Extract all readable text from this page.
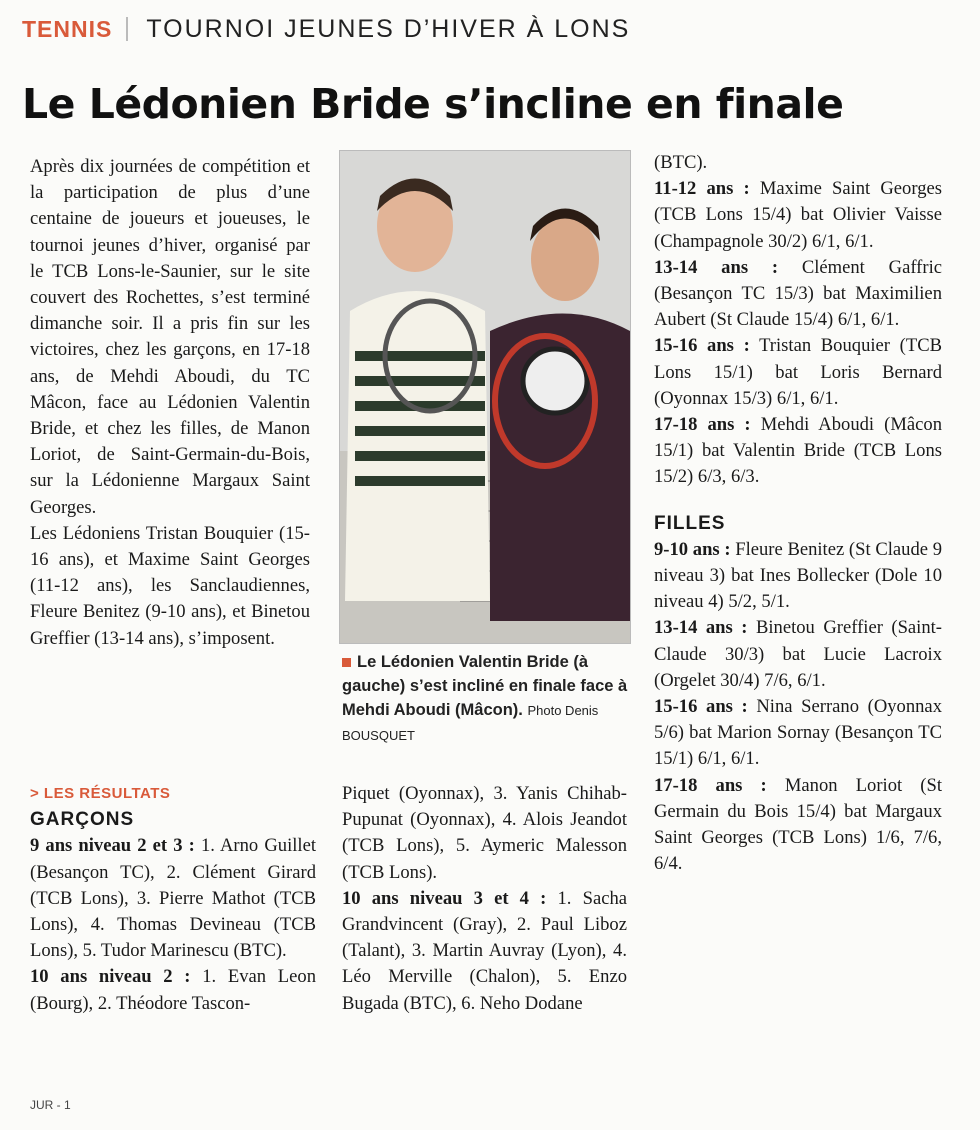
TENNIS TOURNOI JEUNES D’HIVER À LONS
Le Lédonien Bride s’incline en finale

Après dix journées de compétition et la participation de plus d’une centaine de joueurs et joueuses, le tournoi jeunes d’hiver, organisé par le TCB Lons-le-Saunier, sur le site couvert des Rochettes, s’est terminé dimanche soir. Il a pris fin sur les victoires, chez les garçons, en 17-18 ans, de Mehdi Aboudi, du TC Mâcon, face au Lédonien Valentin Bride, et chez les filles, de Manon Loriot, de Saint-Germain-du-Bois, sur la Lédonienne Margaux Saint Georges.

Les Lédoniens Tristan Bouquier (15-16 ans), et Maxime Saint Georges (11-12 ans), les Sanclaudiennes, Fleure Benitez (9-10 ans), et Binetou Greffier (13-14 ans), s’imposent.

Le Lédonien Valentin Bride (à gauche) s’est incliné en finale face à Mehdi Aboudi (Mâcon). Photo Denis BOUSQUET
> LES RÉSULTATS
GARÇONS

9 ans niveau 2 et 3 : 1. Arno Guillet (Besançon TC), 2. Clément Girard (TCB Lons), 3. Pierre Mathot (TCB Lons), 4. Thomas Devineau (TCB Lons), 5. Tudor Marinescu (BTC).

10 ans niveau 2 : 1. Evan Leon (Bourg), 2. Théodore Tascon-

Piquet (Oyonnax), 3. Yanis Chihab-Pupunat (Oyonnax), 4. Alois Jeandot (TCB Lons), 5. Aymeric Malesson (TCB Lons).

10 ans niveau 3 et 4 : 1. Sacha Grandvincent (Gray), 2. Paul Liboz (Talant), 3. Martin Auvray (Lyon), 4. Léo Merville (Chalon), 5. Enzo Bugada (BTC), 6. Neho Dodane

(BTC).

11-12 ans : Maxime Saint Georges (TCB Lons 15/4) bat Olivier Vaisse (Champagnole 30/2) 6/1, 6/1.

13-14 ans : Clément Gaffric (Besançon TC 15/3) bat Maximilien Aubert (St Claude 15/4) 6/1, 6/1.

15-16 ans : Tristan Bouquier (TCB Lons 15/1) bat Loris Bernard (Oyonnax 15/3) 6/1, 6/1.

17-18 ans : Mehdi Aboudi (Mâcon 15/1) bat Valentin Bride (TCB Lons 15/2) 6/3, 6/3.

FILLES

9-10 ans : Fleure Benitez (St Claude 9 niveau 3) bat Ines Bollecker (Dole 10 niveau 4) 5/2, 5/1.

13-14 ans : Binetou Greffier (Saint-Claude 30/3) bat Lucie Lacroix (Orgelet 30/4) 7/6, 6/1.

15-16 ans : Nina Serrano (Oyonnax 5/6) bat Marion Sornay (Besançon TC 15/1) 6/1, 6/1.

17-18 ans : Manon Loriot (St Germain du Bois 15/4) bat Margaux Saint Georges (TCB Lons) 1/6, 7/6, 6/4.

JUR - 1
